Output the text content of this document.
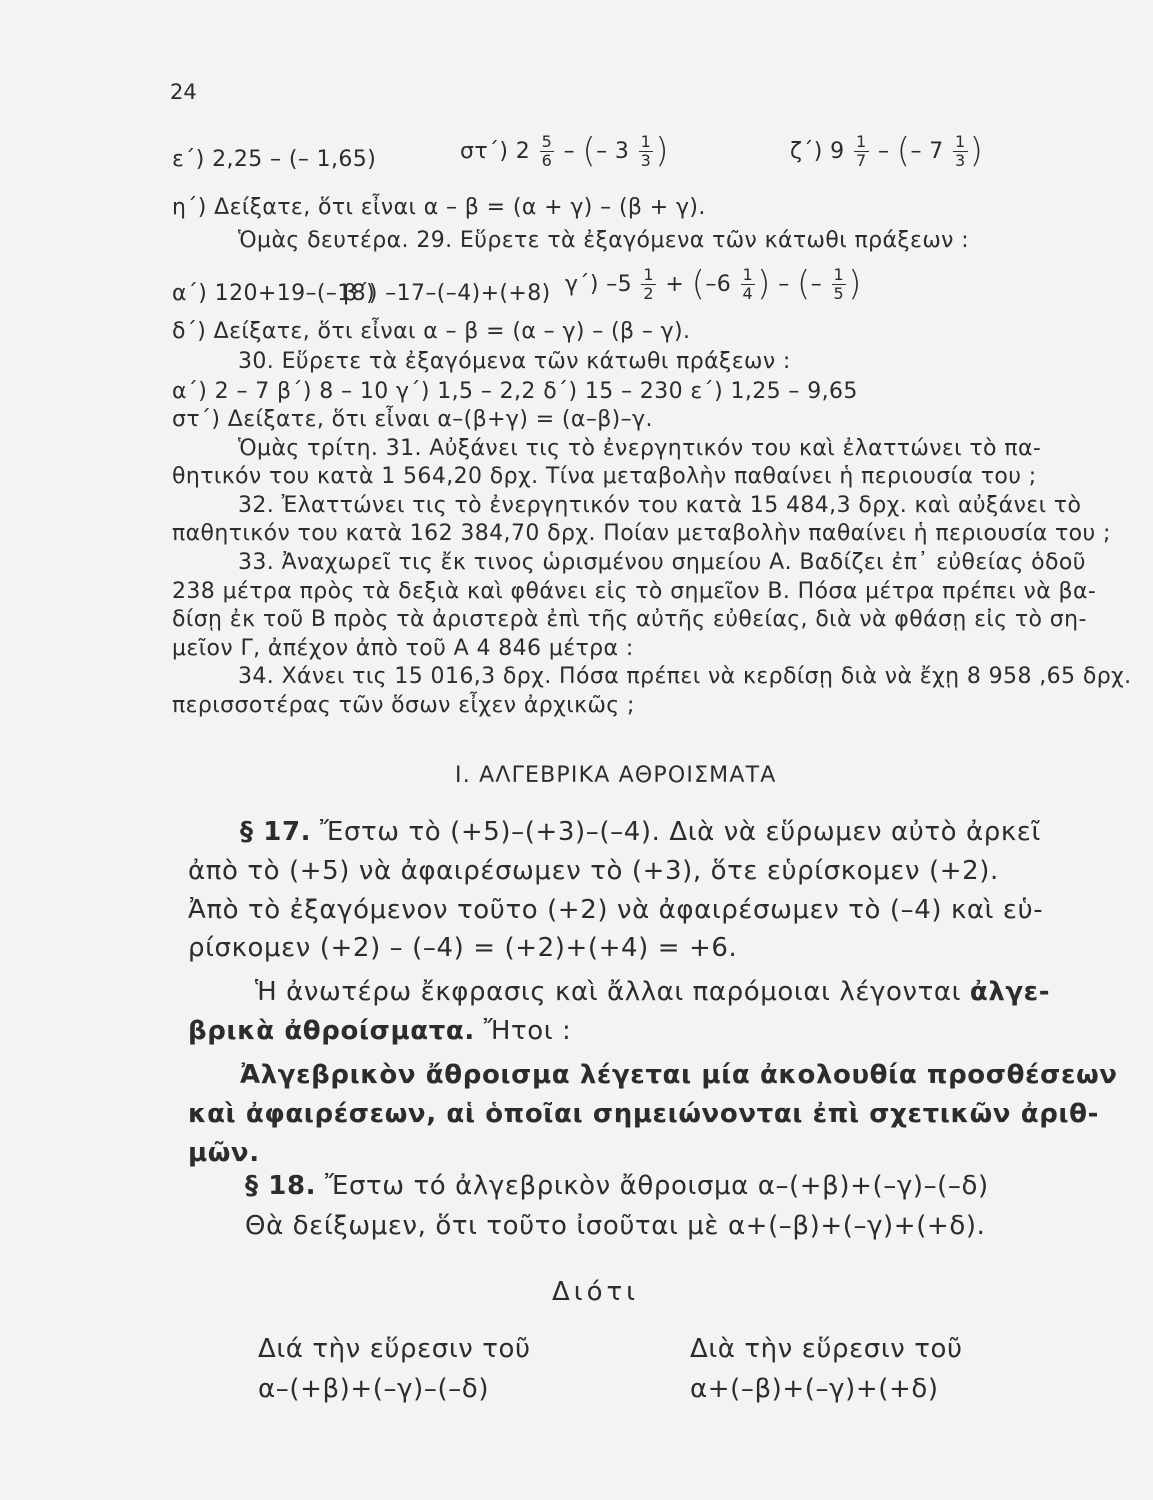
24
ε΄) 2,25 – (– 1,65)	στ΄) $2 \frac{5}{6}$ – (– $3 \frac{1}{3}$ )	ζ΄) $9 \frac{1}{7}$ – (– $7 \frac{1}{3}$ )
η΄) Δείξατε, ὅτι εἶναι α – β = (α + γ) – (β + γ).
Ὁμὰς δευτέρα. 29. Εὕρετε τὰ ἐξαγόμενα τῶν κάτωθι πράξεων :
α΄) 120+19–(–18)
β΄) –17–(–4)+(+8) γ΄) $-5 \frac{1}{2} + (-6 \frac{1}{4}$ ) – (– $\frac{1}{5}$ )
δ΄) Δείξατε, ὅτι εἶναι α – β = (α – γ) – (β – γ).
30. Εὕρετε τὰ ἐξαγόμενα τῶν κάτωθι πράξεων :
α΄) 2 – 7 β΄) 8 – 10 γ΄) 1,5 – 2,2 δ΄) 15 – 230 ε΄) 1,25 – 9,65
στ΄) Δείξατε, ὅτι εἶναι α–(β+γ) = (α–β)–γ.
Ὁμὰς τρίτη. 31. Αὐξάνει τις τὸ ἐνεργητικόν του καὶ ἐλαττώνει τὸ πα-
θητικόν του κατὰ 1 564,20 δρχ. Τίνα μεταβολὴν παθαίνει ἡ περιουσία του ;
32. Ἐλαττώνει τις τὸ ἐνεργητικόν του κατὰ 15 484,3 δρχ. καὶ αὐξάνει τὸ
παθητικόν του κατὰ 162 384,70 δρχ. Ποίαν μεταβολὴν παθαίνει ἡ περιουσία του ;
33. Ἀναχωρεῖ τις ἔκ τινος ὡρισμένου σημείου Α. Βαδίζει ἐπ᾿ εὐθείας ὁδοῦ
238 μέτρα πρὸς τὰ δεξιὰ καὶ φθάνει εἰς τὸ σημεῖον Β. Πόσα μέτρα πρέπει νὰ βα-
δίσῃ ἐκ τοῦ Β πρὸς τὰ ἀριστερὰ ἐπὶ τῆς αὐτῆς εὐθείας, διὰ νὰ φθάσῃ εἰς τὸ ση-
μεῖον Γ, ἀπέχον ἀπὸ τοῦ Α 4 846 μέτρα :
34. Χάνει τις 15 016,3 δρχ. Πόσα πρέπει νὰ κερδίσῃ διὰ νὰ ἔχῃ 8 958 ,65 δρχ.
περισσοτέρας τῶν ὅσων εἶχεν ἀρχικῶς ;
I. ΑΛΓΕΒΡΙΚΑ ΑΘΡΟΙΣΜΑΤΑ
§ 17. Ἔστω τὸ (+5)–(+3)–(–4). Διὰ νὰ εὕρωμεν αὐτὸ ἀρκεῖ
ἀπὸ τὸ (+5) νὰ ἀφαιρέσωμεν τὸ (+3), ὅτε εὑρίσκομεν (+2).
Ἀπὸ τὸ ἐξαγόμενον τοῦτο (+2) νὰ ἀφαιρέσωμεν τὸ (–4) καὶ εὑ-
ρίσκομεν (+2) – (–4) = (+2)+(+4) = +6.
Ἡ ἀνωτέρω ἔκφρασις καὶ ἄλλαι παρόμοιαι λέγονται ἀλγε-
βρικὰ ἀθροίσματα. Ἤτοι :
Ἀλγεβρικὸν ἄθροισμα λέγεται μία ἀκολουθία προσθέσεων
καὶ ἀφαιρέσεων, αἱ ὁποῖαι σημειώνονται ἐπὶ σχετικῶν ἀριθ-
μῶν.
§ 18. Ἔστω τό ἀλγεβρικὸν ἄθροισμα α–(+β)+(–γ)–(–δ)
Θὰ δείξωμεν, ὅτι τοῦτο ἰσοῦται μὲ α+(–β)+(–γ)+(+δ).
Διότι
Διά τὴν εὕρεσιν τοῦ
α–(+β)+(–γ)–(–δ)
Διὰ τὴν εὕρεσιν τοῦ
α+(–β)+(–γ)+(+δ)
